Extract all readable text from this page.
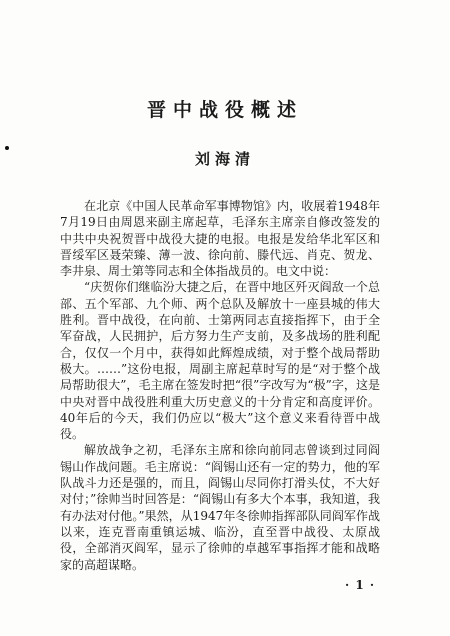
晋中战役概述
刘海清

在北京《中国人民革命军事博物馆》内，收展着1948年7月19日由周恩来副主席起草，毛泽东主席亲自修改签发的中共中央祝贺晋中战役大捷的电报。电报是发给华北军区和晋绥军区聂荣臻、薄一波、徐向前、滕代远、肖克、贺龙、李井泉、周士第等同志和全体指战员的。电文中说：

“庆贺你们继临汾大捷之后，在晋中地区歼灭阎敌一个总部、五个军部、九个师、两个总队及解放十一座县城的伟大胜利。晋中战役，在向前、士第两同志直接指挥下，由于全军奋战，人民拥护，后方努力生产支前，及多战场的胜利配合，仅仅一个月中，获得如此辉煌成绩，对于整个战局帮助极大。……”这份电报，周副主席起草时写的是“对于整个战局帮助很大”，毛主席在签发时把“很”字改写为“极”字，这是中央对晋中战役胜利重大历史意义的十分肯定和高度评价。40年后的今天，我们仍应以“极大”这个意义来看待晋中战役。

解放战争之初，毛泽东主席和徐向前同志曾谈到过同阎锡山作战问题。毛主席说：“阎锡山还有一定的势力，他的军队战斗力还是强的，而且，阎锡山尽同你打滑头仗，不大好对付；”徐帅当时回答是：“阎锡山有多大个本事，我知道，我有办法对付他。”果然，从1947年冬徐帅指挥部队同阎军作战以来，连克晋南重镇运城、临汾，直至晋中战役、太原战役，全部消灭阎军，显示了徐帅的卓越军事指挥才能和战略家的高超谋略。

· 1 ·
